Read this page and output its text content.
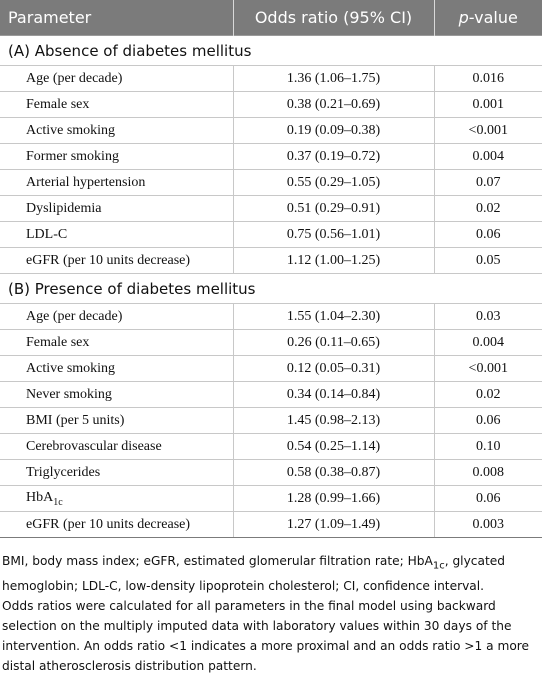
Parameter	Odds ratio (95% CI)	p-value
(A) Absence of diabetes mellitus		
Age (per decade)	1.36 (1.06–1.75)	0.016
Female sex	0.38 (0.21–0.69)	0.001
Active smoking	0.19 (0.09–0.38)	<0.001
Former smoking	0.37 (0.19–0.72)	0.004
Arterial hypertension	0.55 (0.29–1.05)	0.07
Dyslipidemia	0.51 (0.29–0.91)	0.02
LDL-C	0.75 (0.56–1.01)	0.06
eGFR (per 10 units decrease)	1.12 (1.00–1.25)	0.05
(B) Presence of diabetes mellitus		
Age (per decade)	1.55 (1.04–2.30)	0.03
Female sex	0.26 (0.11–0.65)	0.004
Active smoking	0.12 (0.05–0.31)	<0.001
Never smoking	0.34 (0.14–0.84)	0.02
BMI (per 5 units)	1.45 (0.98–2.13)	0.06
Cerebrovascular disease	0.54 (0.25–1.14)	0.10
Triglycerides	0.58 (0.38–0.87)	0.008
HbA$_{1c}$	1.28 (0.99–1.66)	0.06
eGFR (per 10 units decrease)	1.27 (1.09–1.49)	0.003
BMI, body mass index; eGFR, estimated glomerular filtration rate; HbA$_{1c}$, glycated hemoglobin; LDL-C, low-density lipoprotein cholesterol; CI, confidence interval.
Odds ratios were calculated for all parameters in the final model using backward selection on the multiply imputed data with laboratory values within 30 days of the intervention. An odds ratio <1 indicates a more proximal and an odds ratio >1 a more distal atherosclerosis distribution pattern.
